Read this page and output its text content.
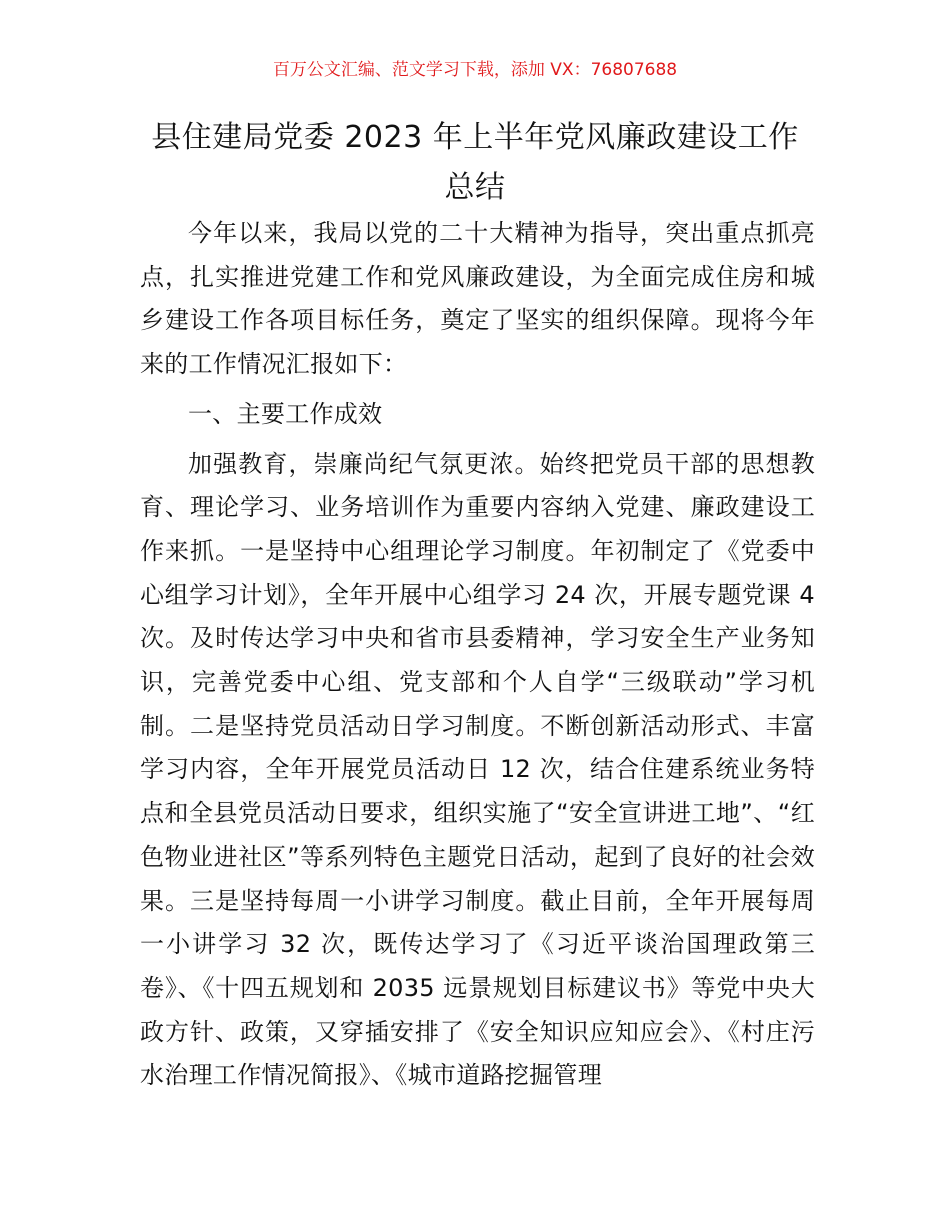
百万公文汇编、范文学习下载，添加 VX：76807688
县住建局党委 2023 年上半年党风廉政建设工作总结

今年以来，我局以党的二十大精神为指导，突出重点抓亮点，扎实推进党建工作和党风廉政建设，为全面完成住房和城乡建设工作各项目标任务，奠定了坚实的组织保障。现将今年来的工作情况汇报如下：

一、主要工作成效

加强教育，崇廉尚纪气氛更浓。始终把党员干部的思想教育、理论学习、业务培训作为重要内容纳入党建、廉政建设工作来抓。一是坚持中心组理论学习制度。年初制定了《党委中心组学习计划》，全年开展中心组学习 24 次，开展专题党课 4 次。及时传达学习中央和省市县委精神，学习安全生产业务知识，完善党委中心组、党支部和个人自学“三级联动”学习机制。二是坚持党员活动日学习制度。不断创新活动形式、丰富学习内容，全年开展党员活动日 12 次，结合住建系统业务特点和全县党员活动日要求，组织实施了“安全宣讲进工地”、“红色物业进社区”等系列特色主题党日活动，起到了良好的社会效果。三是坚持每周一小讲学习制度。截止目前，全年开展每周一小讲学习 32 次，既传达学习了《习近平谈治国理政第三卷》、《十四五规划和 2035 远景规划目标建议书》等党中央大政方针、政策，又穿插安排了《安全知识应知应会》、《村庄污水治理工作情况简报》、《城市道路挖掘管理
